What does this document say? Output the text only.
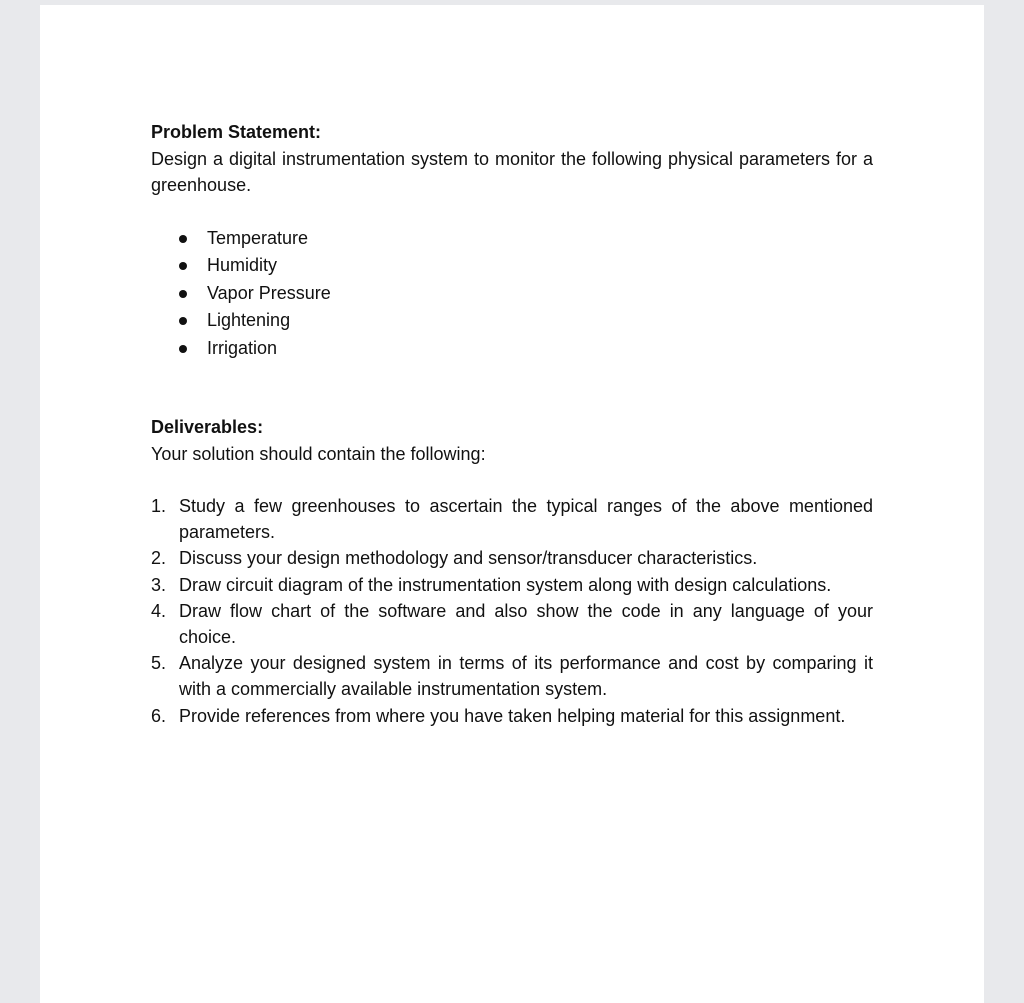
Problem Statement:

Design a digital instrumentation system to monitor the following physical parameters for a greenhouse.

Temperature
Humidity
Vapor Pressure
Lightening
Irrigation
Deliverables:

Your solution should contain the following:

1. Study a few greenhouses to ascertain the typical ranges of the above mentioned parameters.
2. Discuss your design methodology and sensor/transducer characteristics.
3. Draw circuit diagram of the instrumentation system along with design calculations.
4. Draw flow chart of the software and also show the code in any language of your choice.
5. Analyze your designed system in terms of its performance and cost by comparing it with a commercially available instrumentation system.
6. Provide references from where you have taken helping material for this assignment.
